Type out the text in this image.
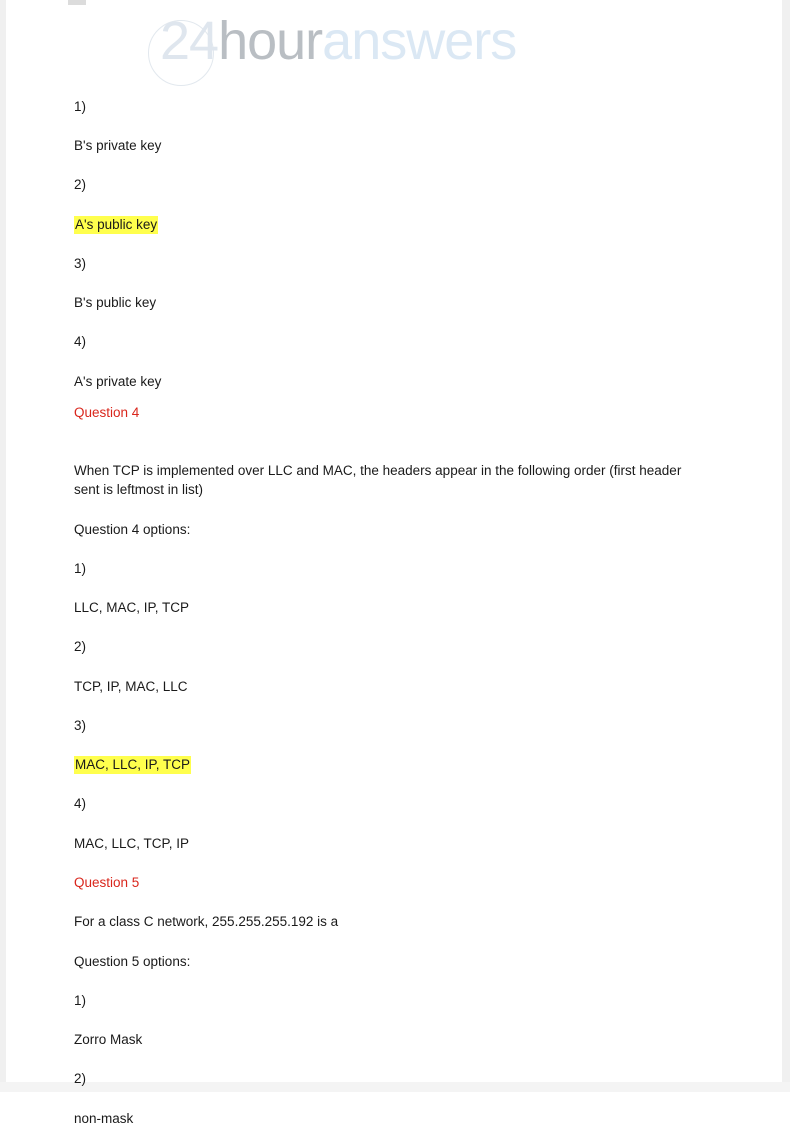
24houranswers
1)
B's private key
2)
A's public key
3)
B's public key
4)
A's private key
Question 4
When TCP is implemented over LLC and MAC, the headers appear in the following order (first header sent is leftmost in list)
Question 4 options:
1)
LLC, MAC, IP, TCP
2)
TCP, IP, MAC, LLC
3)
MAC, LLC, IP, TCP
4)
MAC, LLC, TCP, IP
Question 5
For a class C network, 255.255.255.192 is a
Question 5 options:
1)
Zorro Mask
2)
non-mask
